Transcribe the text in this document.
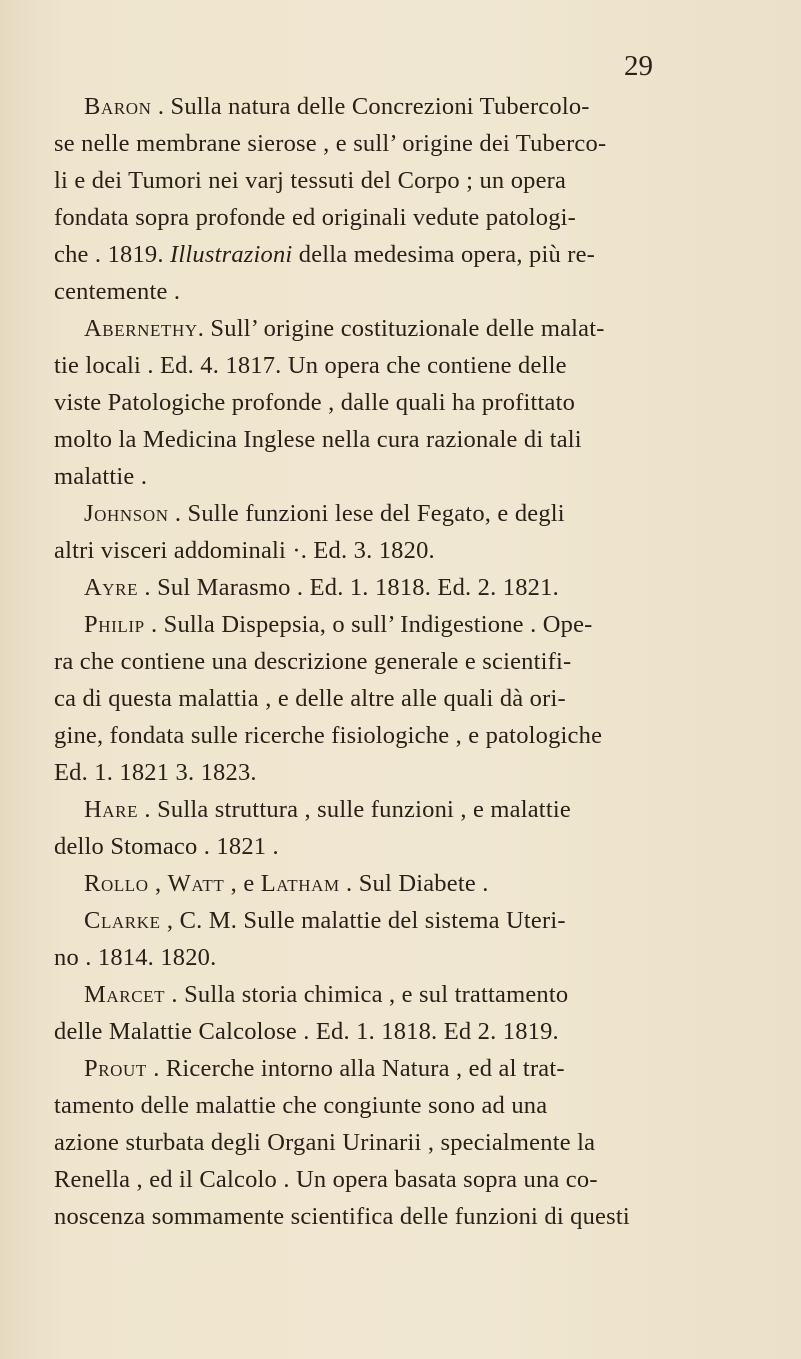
29
Baron . Sulla natura delle Concrezioni Tubercolo-
se nelle membrane sierose , e sull’ origine dei Tuberco-
li e dei Tumori nei varj tessuti del Corpo ; un opera
fondata sopra profonde ed originali vedute patologi-
che . 1819. Illustrazioni della medesima opera, più re-
centemente .
Abernethy. Sull’ origine costituzionale delle malat-
tie locali . Ed. 4. 1817. Un opera che contiene delle
viste Patologiche profonde , dalle quali ha profittato
molto la Medicina Inglese nella cura razionale di tali
malattie .
Johnson . Sulle funzioni lese del Fegato, e degli
altri visceri addominali ·. Ed. 3. 1820.
Ayre . Sul Marasmo . Ed. 1. 1818. Ed. 2. 1821.
Philip . Sulla Dispepsia, o sull’ Indigestione . Ope-
ra che contiene una descrizione generale e scientifi-
ca di questa malattia , e delle altre alle quali dà ori-
gine, fondata sulle ricerche fisiologiche , e patologiche
Ed. 1. 1821 3. 1823.
Hare . Sulla struttura , sulle funzioni , e malattie
dello Stomaco . 1821 .
Rollo , Watt , e Latham . Sul Diabete .
Clarke , C. M. Sulle malattie del sistema Uteri-
no . 1814. 1820.
Marcet . Sulla storia chimica , e sul trattamento
delle Malattie Calcolose . Ed. 1. 1818. Ed 2. 1819.
Prout . Ricerche intorno alla Natura , ed al trat-
tamento delle malattie che congiunte sono ad una
azione sturbata degli Organi Urinarii , specialmente la
Renella , ed il Calcolo . Un opera basata sopra una co-
noscenza sommamente scientifica delle funzioni di questi
